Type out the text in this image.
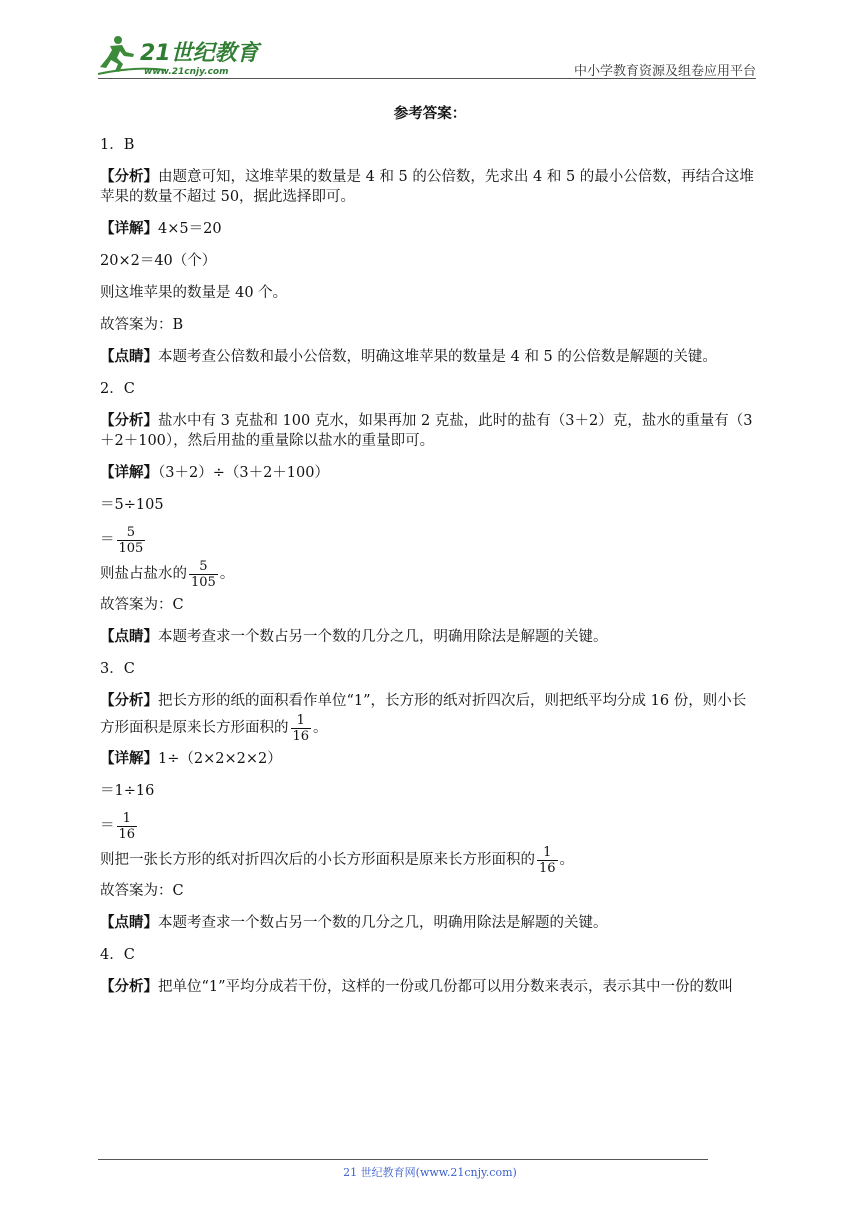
21世纪教育
www.21cnjy.com	中小学教育资源及组卷应用平台
参考答案：
1．B
【分析】由题意可知，这堆苹果的数量是 4 和 5 的公倍数，先求出 4 和 5 的最小公倍数，再结合这堆苹果的数量不超过 50，据此选择即可。
【详解】4×5＝20
20×2＝40（个）
则这堆苹果的数量是 40 个。
故答案为：B
【点睛】本题考查公倍数和最小公倍数，明确这堆苹果的数量是 4 和 5 的公倍数是解题的关键。
2．C
【分析】盐水中有 3 克盐和 100 克水，如果再加 2 克盐，此时的盐有（3＋2）克，盐水的重量有（3＋2＋100），然后用盐的重量除以盐水的重量即可。
【详解】（3＋2）÷（3＋2＋100）
＝5÷105
＝ $\frac{5}{105}$
则盐占盐水的 $\frac{5}{105}$ 。
故答案为：C
【点睛】本题考查求一个数占另一个数的几分之几，明确用除法是解题的关键。
3．C
【分析】把长方形的纸的面积看作单位“1”，长方形的纸对折四次后，则把纸平均分成 16 份，则小长
方形面积是原来长方形面积的 $\frac{1}{16}$ 。
【详解】1÷（2×2×2×2）
＝1÷16
＝ $\frac{1}{16}$
则把一张长方形的纸对折四次后的小长方形面积是原来长方形面积的 $\frac{1}{16}$ 。
故答案为：C
【点睛】本题考查求一个数占另一个数的几分之几，明确用除法是解题的关键。
4．C
【分析】把单位“1”平均分成若干份，这样的一份或几份都可以用分数来表示，表示其中一份的数叫
21 世纪教育网(www.21cnjy.com)
